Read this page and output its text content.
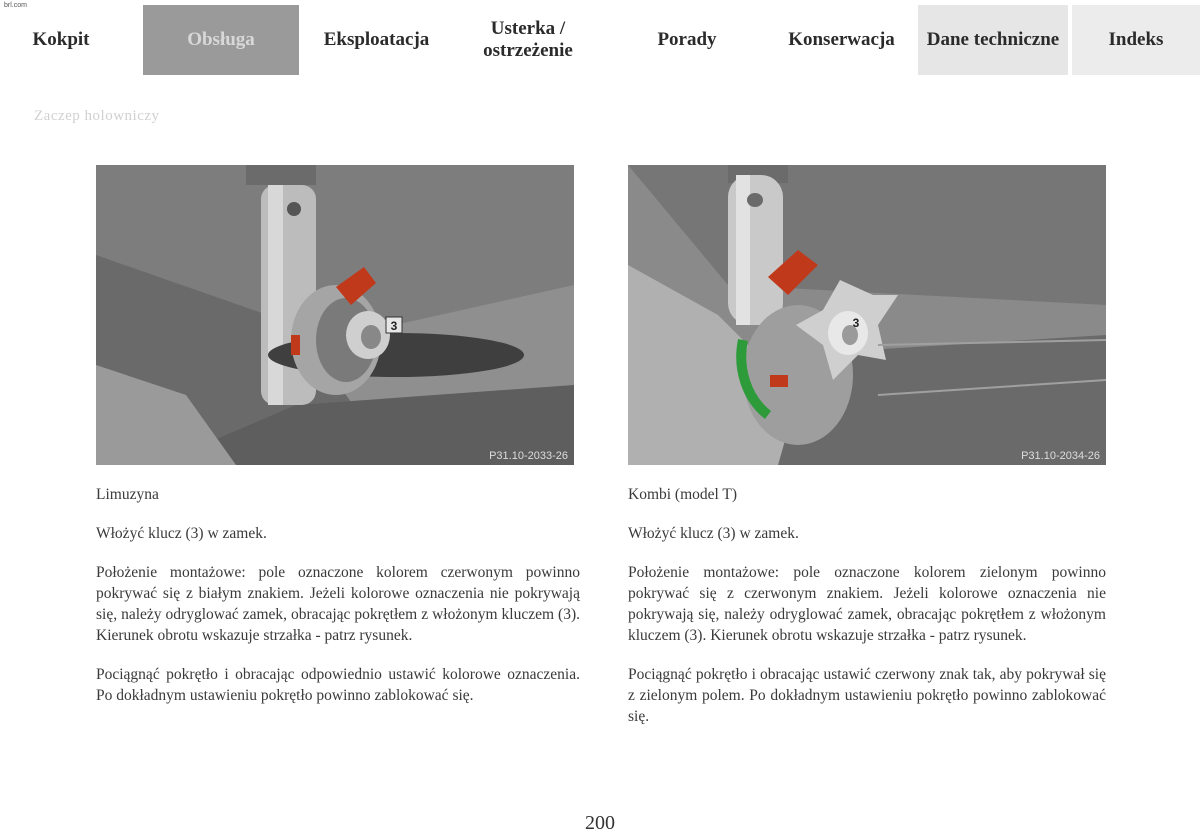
brl.com
Kokpit	Obsługa	Eksploatacja
Usterka / ostrzeżenie
Porady	Konserwacja	Dane techniczne	Indeks
Zaczep holowniczy
3
P31.10-2033-26
3
P31.10-2034-26

Limuzyna

Włożyć klucz (3) w zamek.

Położenie montażowe: pole oznaczone kolorem czerwonym powinno pokrywać się z białym znakiem. Jeżeli kolorowe oznaczenia nie pokrywają się, należy odryglować zamek, obracając pokrętłem z włożonym kluczem (3). Kierunek obrotu wskazuje strzałka - patrz rysunek.

Pociągnąć pokrętło i obracając odpowiednio ustawić kolorowe oznaczenia. Po dokładnym ustawieniu pokrętło powinno zablokować się.

Kombi (model T)

Włożyć klucz (3) w zamek.

Położenie montażowe: pole oznaczone kolorem zielonym powinno pokrywać się z czerwonym znakiem. Jeżeli kolorowe oznaczenia nie pokrywają się, należy odryglować zamek, obracając pokrętłem z włożonym kluczem (3). Kierunek obrotu wskazuje strzałka - patrz rysunek.

Pociągnąć pokrętło i obracając ustawić czerwony znak tak, aby pokrywał się z zielonym polem. Po dokładnym ustawieniu pokrętło powinno zablokować się.

200
